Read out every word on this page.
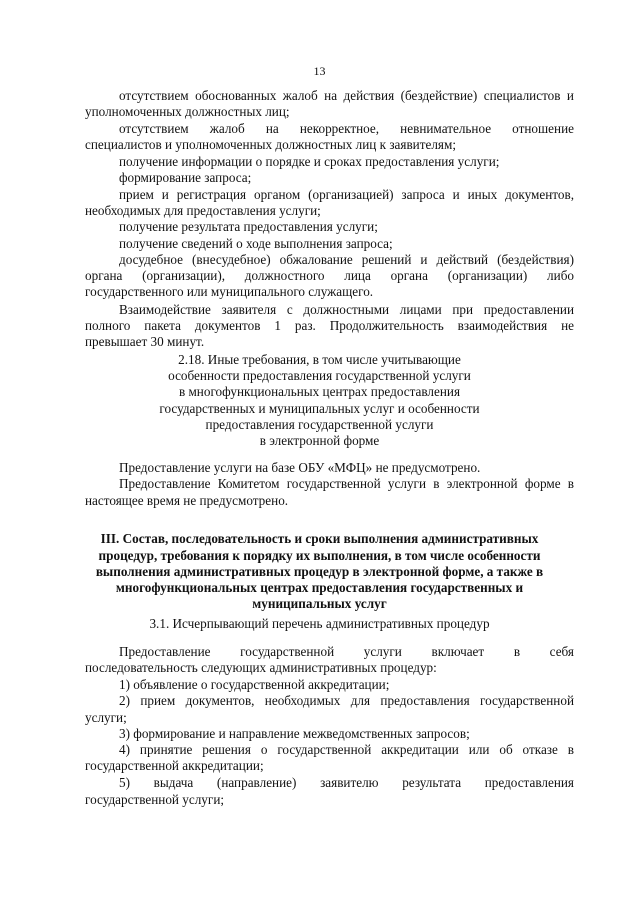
13
отсутствием обоснованных жалоб на действия (бездействие) специалистов и
уполномоченных должностных лиц;
отсутствием жалоб на некорректное, невнимательное отношение
специалистов и уполномоченных должностных лиц к заявителям;
получение информации о порядке и сроках предоставления услуги;
формирование запроса;
прием и регистрация органом (организацией) запроса и иных документов,
необходимых для предоставления услуги;
получение результата предоставления услуги;
получение сведений о ходе выполнения запроса;
досудебное (внесудебное) обжалование решений и действий (бездействия)
органа (организации), должностного лица органа (организации) либо
государственного или муниципального служащего.
Взаимодействие заявителя с должностными лицами при предоставлении
полного пакета документов 1 раз. Продолжительность взаимодействия не
превышает 30 минут.
2.18. Иные требования, в том числе учитывающие
особенности предоставления государственной услуги
в многофункциональных центрах предоставления
государственных и муниципальных услуг и особенности
предоставления государственной услуги
в электронной форме
Предоставление услуги на базе ОБУ «МФЦ» не предусмотрено.
Предоставление Комитетом государственной услуги в электронной форме в
настоящее время не предусмотрено.
III. Состав, последовательность и сроки выполнения административных
процедур, требования к порядку их выполнения, в том числе особенности
выполнения административных процедур в электронной форме, а также в
многофункциональных центрах предоставления государственных и
муниципальных услуг
3.1. Исчерпывающий перечень административных процедур
Предоставление государственной услуги включает в себя
последовательность следующих административных процедур:
1) объявление о государственной аккредитации;
2) прием документов, необходимых для предоставления государственной
услуги;
3) формирование и направление межведомственных запросов;
4) принятие решения о государственной аккредитации или об отказе в
государственной аккредитации;
5) выдача (направление) заявителю результата предоставления
государственной услуги;
